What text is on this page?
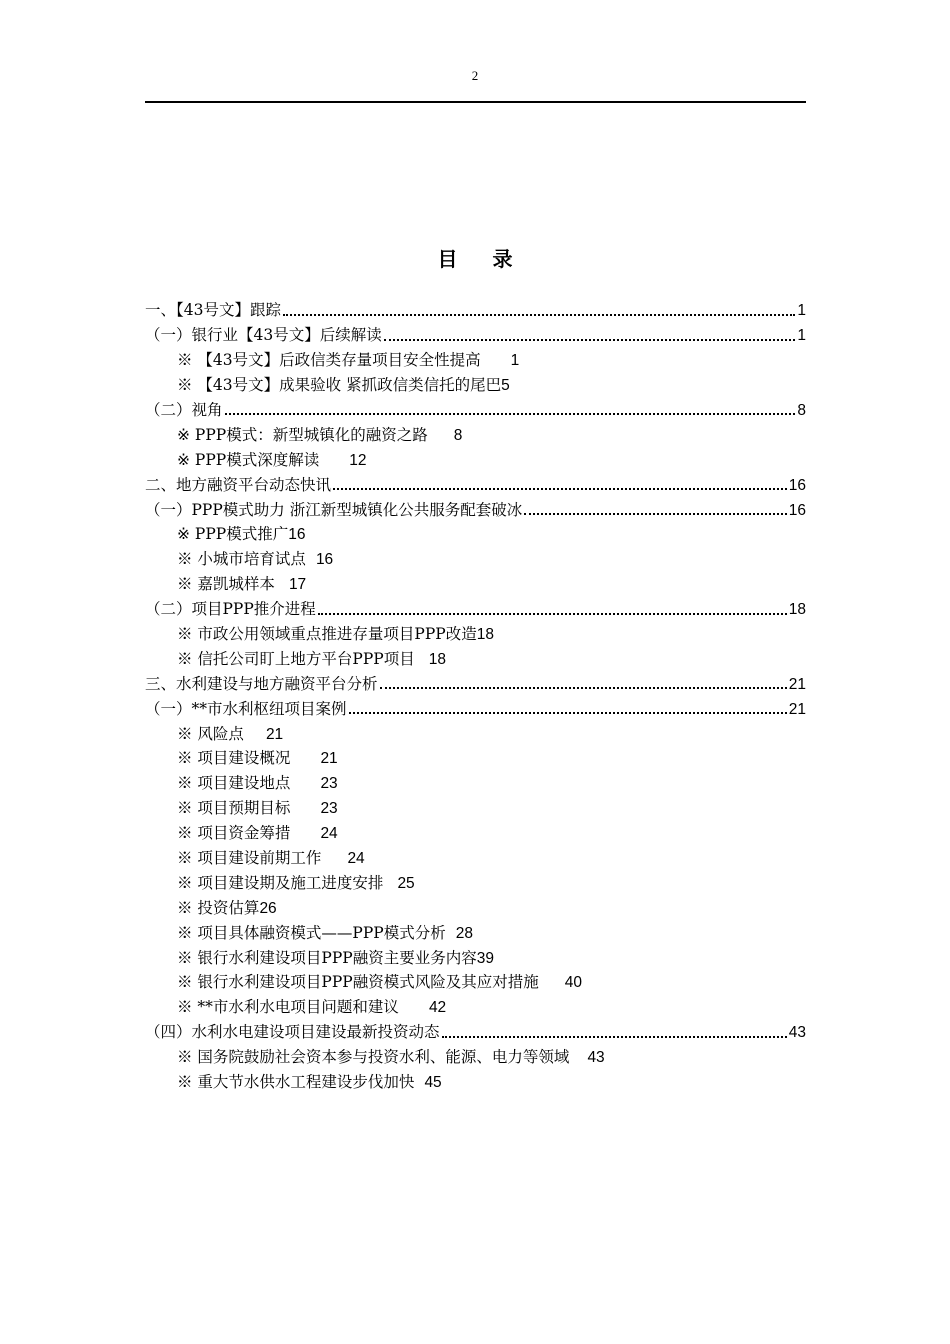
2
目 录
一、【43号文】跟踪	1
（一）银行业【43号文】后续解读	1
※ 【43号文】后政信类存量项目安全性提高 1
※ 【43号文】成果验收 紧抓政信类信托的尾巴 5
（二）视角	8
※ PPP模式：新型城镇化的融资之路 8
※ PPP模式深度解读 12
二、地方融资平台动态快讯	16
（一）PPP模式助力 浙江新型城镇化公共服务配套破冰	16
※ PPP模式推广 16
※ 小城市培育试点 16
※ 嘉凯城样本 17
（二）项目PPP推介进程	18
※ 市政公用领域重点推进存量项目PPP改造 18
※ 信托公司盯上地方平台PPP项目 18
三、水利建设与地方融资平台分析	21
（一）**市水利枢纽项目案例	21
※ 风险点 21
※ 项目建设概况 21
※ 项目建设地点 23
※ 项目预期目标 23
※ 项目资金筹措 24
※ 项目建设前期工作 24
※ 项目建设期及施工进度安排 25
※ 投资估算 26
※ 项目具体融资模式——PPP模式分析 28
※ 银行水利建设项目PPP融资主要业务内容 39
※ 银行水利建设项目PPP融资模式风险及其应对措施 40
※ **市水利水电项目问题和建议 42
（四）水利水电建设项目建设最新投资动态	43
※ 国务院鼓励社会资本参与投资水利、能源、电力等领域 43
※ 重大节水供水工程建设步伐加快 45
